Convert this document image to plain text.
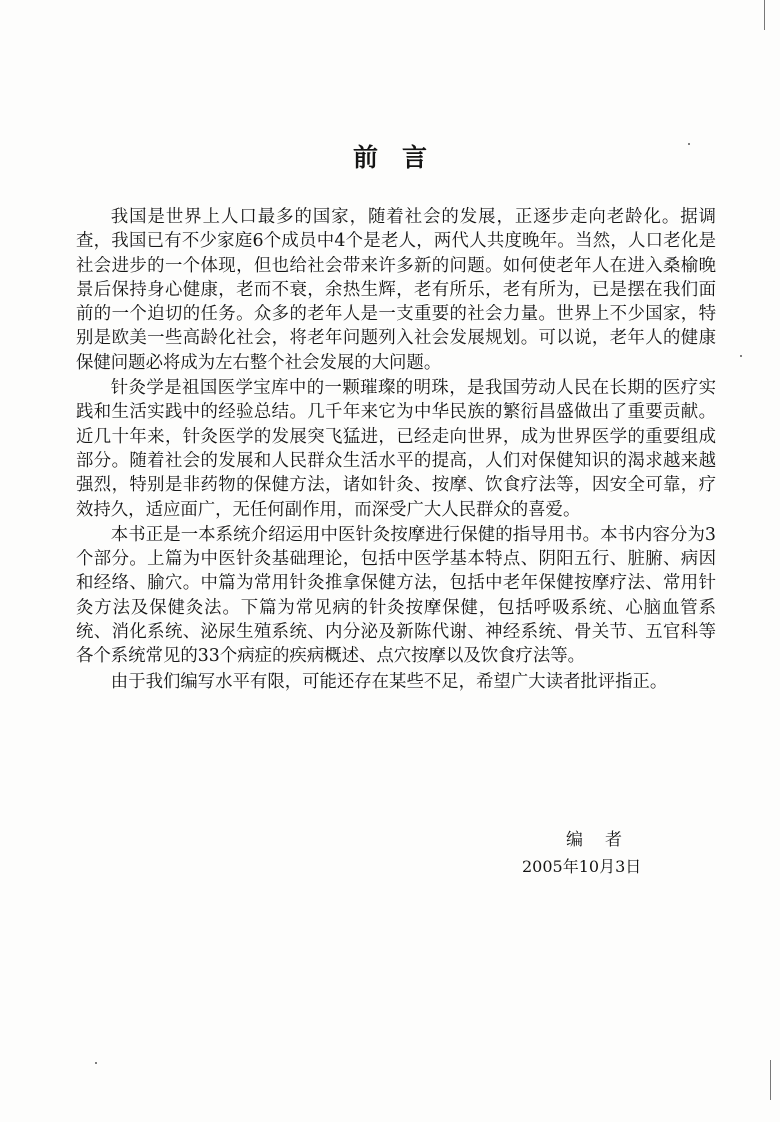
前言

我国是世界上人口最多的国家，随着社会的发展，正逐步走向老龄化。据调查，我国已有不少家庭6个成员中4个是老人，两代人共度晚年。当然，人口老化是社会进步的一个体现，但也给社会带来许多新的问题。如何使老年人在进入桑榆晚景后保持身心健康，老而不衰，余热生辉，老有所乐，老有所为，已是摆在我们面前的一个迫切的任务。众多的老年人是一支重要的社会力量。世界上不少国家，特别是欧美一些高龄化社会，将老年问题列入社会发展规划。可以说，老年人的健康保健问题必将成为左右整个社会发展的大问题。

针灸学是祖国医学宝库中的一颗璀璨的明珠，是我国劳动人民在长期的医疗实践和生活实践中的经验总结。几千年来它为中华民族的繁衍昌盛做出了重要贡献。近几十年来，针灸医学的发展突飞猛进，已经走向世界，成为世界医学的重要组成部分。随着社会的发展和人民群众生活水平的提高，人们对保健知识的渴求越来越强烈，特别是非药物的保健方法，诸如针灸、按摩、饮食疗法等，因安全可靠，疗效持久，适应面广，无任何副作用，而深受广大人民群众的喜爱。

本书正是一本系统介绍运用中医针灸按摩进行保健的指导用书。本书内容分为3个部分。上篇为中医针灸基础理论，包括中医学基本特点、阴阳五行、脏腑、病因和经络、腧穴。中篇为常用针灸推拿保健方法，包括中老年保健按摩疗法、常用针灸方法及保健灸法。下篇为常见病的针灸按摩保健，包括呼吸系统、心脑血管系统、消化系统、泌尿生殖系统、内分泌及新陈代谢、神经系统、骨关节、五官科等各个系统常见的33个病症的疾病概述、点穴按摩以及饮食疗法等。

由于我们编写水平有限，可能还存在某些不足，希望广大读者批评指正。

编者
2005年10月3日
